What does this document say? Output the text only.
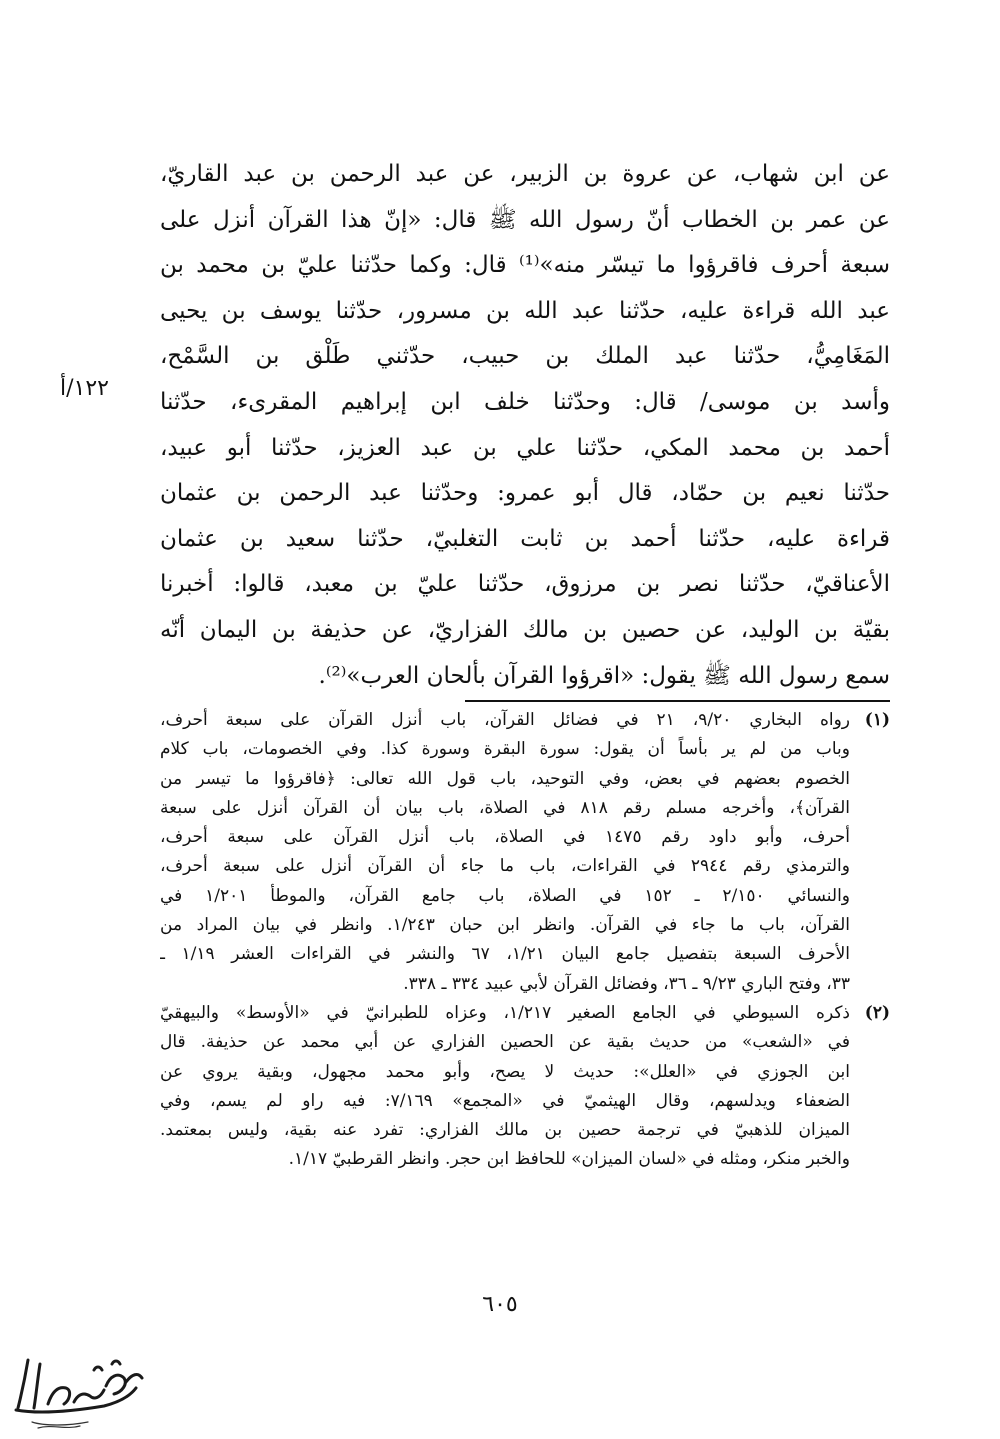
عن ابن شهاب، عن عروة بن الزبير، عن عبد الرحمن بن عبد القاريّ،
عن عمر بن الخطاب أنّ رسول الله ﷺ قال: «إنّ هذا القرآن أنزل على
سبعة أحرف فاقرؤوا ما تيسّر منه»⁽¹⁾ قال: وكما حدّثنا عليّ بن محمد بن
عبد الله قراءة عليه، حدّثنا عبد الله بن مسرور، حدّثنا يوسف بن يحيى
المَغَامِيُّ، حدّثنا عبد الملك بن حبيب، حدّثني طَلْق بن السَّمْح،
وأسد بن موسى/ قال: وحدّثنا خلف ابن إبراهيم المقرىء، حدّثنا
أحمد بن محمد المكي، حدّثنا علي بن عبد العزيز، حدّثنا أبو عبيد،
حدّثنا نعيم بن حمّاد، قال أبو عمرو: وحدّثنا عبد الرحمن بن عثمان
قراءة عليه، حدّثنا أحمد بن ثابت التغلبيّ، حدّثنا سعيد بن عثمان
الأعناقيّ، حدّثنا نصر بن مرزوق، حدّثنا عليّ بن معبد، قالوا: أخبرنا
بقيّة بن الوليد، عن حصين بن مالك الفزاريّ، عن حذيفة بن اليمان أنّه
سمع رسول الله ﷺ يقول: «اقرؤوا القرآن بألحان العرب»⁽²⁾.
١٢٢/أ
(١)
رواه البخاري ٩/٢٠، ٢١ في فضائل القرآن، باب أنزل القرآن على سبعة أحرف،
وباب من لم ير بأساً أن يقول: سورة البقرة وسورة كذا. وفي الخصومات، باب كلام
الخصوم بعضهم في بعض، وفي التوحيد، باب قول الله تعالى: ﴿فاقرؤوا ما تيسر من
القرآن﴾، وأخرجه مسلم رقم ٨١٨ في الصلاة، باب بيان أن القرآن أنزل على سبعة
أحرف، وأبو داود رقم ١٤٧٥ في الصلاة، باب أنزل القرآن على سبعة أحرف،
والترمذي رقم ٢٩٤٤ في القراءات، باب ما جاء أن القرآن أنزل على سبعة أحرف،
والنسائي ٢/١٥٠ ـ ١٥٢ في الصلاة، باب جامع القرآن، والموطأ ١/٢٠١ في
القرآن، باب ما جاء في القرآن. وانظر ابن حبان ١/٢٤٣. وانظر في بيان المراد من
الأحرف السبعة بتفصيل جامع البيان ١/٢١، ٦٧ والنشر في القراءات العشر ١/١٩ ـ
٣٣، وفتح الباري ٩/٢٣ ـ ٣٦، وفضائل القرآن لأبي عبيد ٣٣٤ ـ ٣٣٨.
(٢)
ذكره السيوطي في الجامع الصغير ١/٢١٧، وعزاه للطبرانيّ في «الأوسط» والبيهقيّ
في «الشعب» من حديث بقية عن الحصين الفزاري عن أبي محمد عن حذيفة. قال
ابن الجوزي في «العلل»: حديث لا يصح، وأبو محمد مجهول، وبقية يروي عن
الضعفاء ويدلسهم، وقال الهيثميّ في «المجمع» ٧/١٦٩: فيه راو لم يسم، وفي
الميزان للذهبيّ في ترجمة حصين بن مالك الفزاري: تفرد عنه بقية، وليس بمعتمد.
والخبر منكر، ومثله في «لسان الميزان» للحافظ ابن حجر. وانظر القرطبيّ ١/١٧.
٦٠٥
